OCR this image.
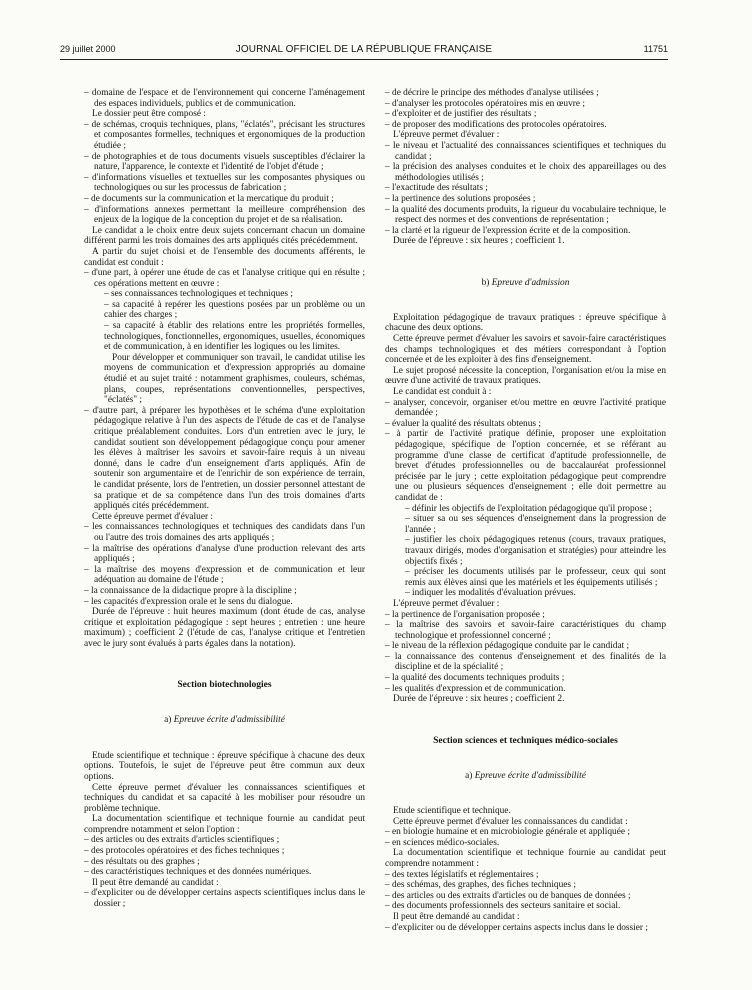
29 juillet 2000	JOURNAL OFFICIEL DE LA RÉPUBLIQUE FRANÇAISE	11751

– domaine de l'espace et de l'environnement qui concerne l'aménagement des espaces individuels, publics et de communication.

Le dossier peut être composé :

– de schémas, croquis techniques, plans, "éclatés", précisant les structures et composantes formelles, techniques et ergonomiques de la production étudiée ;

– de photographies et de tous documents visuels susceptibles d'éclairer la nature, l'apparence, le contexte et l'identité de l'objet d'étude ;

– d'informations visuelles et textuelles sur les composantes physiques ou technologiques ou sur les processus de fabrication ;

– de documents sur la communication et la mercatique du produit ;

– d'informations annexes permettant la meilleure compréhension des enjeux de la logique de la conception du projet et de sa réalisation.

Le candidat a le choix entre deux sujets concernant chacun un domaine différent parmi les trois domaines des arts appliqués cités précédemment.

A partir du sujet choisi et de l'ensemble des documents afférents, le candidat est conduit :

– d'une part, à opérer une étude de cas et l'analyse critique qui en résulte ; ces opérations mettent en œuvre :

– ses connaissances technologiques et techniques ;

– sa capacité à repérer les questions posées par un problème ou un cahier des charges ;

– sa capacité à établir des relations entre les propriétés formelles, technologiques, fonctionnelles, ergonomiques, usuelles, économiques et de communication, à en identifier les logiques ou les limites.

Pour développer et communiquer son travail, le candidat utilise les moyens de communication et d'expression appropriés au domaine étudié et au sujet traité : notamment graphismes, couleurs, schémas, plans, coupes, représentations conventionnelles, perspectives, "éclatés" ;

– d'autre part, à préparer les hypothèses et le schéma d'une exploitation pédagogique relative à l'un des aspects de l'étude de cas et de l'analyse critique préalablement conduites. Lors d'un entretien avec le jury, le candidat soutient son développement pédagogique conçu pour amener les élèves à maîtriser les savoirs et savoir-faire requis à un niveau donné, dans le cadre d'un enseignement d'arts appliqués. Afin de soutenir son argumentaire et de l'enrichir de son expérience de terrain, le candidat présente, lors de l'entretien, un dossier personnel attestant de sa pratique et de sa compétence dans l'un des trois domaines d'arts appliqués cités précédemment.

Cette épreuve permet d'évaluer :

– les connaissances technologiques et techniques des candidats dans l'un ou l'autre des trois domaines des arts appliqués ;

– la maîtrise des opérations d'analyse d'une production relevant des arts appliqués ;

– la maîtrise des moyens d'expression et de communication et leur adéquation au domaine de l'étude ;

– la connaissance de la didactique propre à la discipline ;

– les capacités d'expression orale et le sens du dialogue.

Durée de l'épreuve : huit heures maximum (dont étude de cas, analyse critique et exploitation pédagogique : sept heures ; entretien : une heure maximum) ; coefficient 2 (l'étude de cas, l'analyse critique et l'entretien avec le jury sont évalués à parts égales dans la notation).

Section biotechnologies

a) Epreuve écrite d'admissibilité

Etude scientifique et technique : épreuve spécifique à chacune des deux options. Toutefois, le sujet de l'épreuve peut être commun aux deux options.

Cette épreuve permet d'évaluer les connaissances scientifiques et techniques du candidat et sa capacité à les mobiliser pour résoudre un problème technique.

La documentation scientifique et technique fournie au candidat peut comprendre notamment et selon l'option :

– des articles ou des extraits d'articles scientifiques ;

– des protocoles opératoires et des fiches techniques ;

– des résultats ou des graphes ;

– des caractéristiques techniques et des données numériques.

Il peut être demandé au candidat :

– d'expliciter ou de développer certains aspects scientifiques inclus dans le dossier ;

– de décrire le principe des méthodes d'analyse utilisées ;

– d'analyser les protocoles opératoires mis en œuvre ;

– d'exploiter et de justifier des résultats ;

– de proposer des modifications des protocoles opératoires.

L'épreuve permet d'évaluer :

– le niveau et l'actualité des connaissances scientifiques et techniques du candidat ;

– la précision des analyses conduites et le choix des appareillages ou des méthodologies utilisés ;

– l'exactitude des résultats ;

– la pertinence des solutions proposées ;

– la qualité des documents produits, la rigueur du vocabulaire technique, le respect des normes et des conventions de représentation ;

– la clarté et la rigueur de l'expression écrite et de la composition.

Durée de l'épreuve : six heures ; coefficient 1.

b) Epreuve d'admission

Exploitation pédagogique de travaux pratiques : épreuve spécifique à chacune des deux options.

Cette épreuve permet d'évaluer les savoirs et savoir-faire caractéristiques des champs technologiques et des métiers correspondant à l'option concernée et de les exploiter à des fins d'enseignement.

Le sujet proposé nécessite la conception, l'organisation et/ou la mise en œuvre d'une activité de travaux pratiques.

Le candidat est conduit à :

– analyser, concevoir, organiser et/ou mettre en œuvre l'activité pratique demandée ;

– évaluer la qualité des résultats obtenus ;

– à partir de l'activité pratique définie, proposer une exploitation pédagogique, spécifique de l'option concernée, et se référant au programme d'une classe de certificat d'aptitude professionnelle, de brevet d'études professionnelles ou de baccalauréat professionnel précisée par le jury ; cette exploitation pédagogique peut comprendre une ou plusieurs séquences d'enseignement ; elle doit permettre au candidat de :

– définir les objectifs de l'exploitation pédagogique qu'il propose ;

– situer sa ou ses séquences d'enseignement dans la progression de l'année ;

– justifier les choix pédagogiques retenus (cours, travaux pratiques, travaux dirigés, modes d'organisation et stratégies) pour atteindre les objectifs fixés ;

– préciser les documents utilisés par le professeur, ceux qui sont remis aux élèves ainsi que les matériels et les équipements utilisés ;

– indiquer les modalités d'évaluation prévues.

L'épreuve permet d'évaluer :

– la pertinence de l'organisation proposée ;

– la maîtrise des savoirs et savoir-faire caractéristiques du champ technologique et professionnel concerné ;

– le niveau de la réflexion pédagogique conduite par le candidat ;

– la connaissance des contenus d'enseignement et des finalités de la discipline et de la spécialité ;

– la qualité des documents techniques produits ;

– les qualités d'expression et de communication.

Durée de l'épreuve : six heures ; coefficient 2.

Section sciences et techniques médico-sociales

a) Epreuve écrite d'admissibilité

Etude scientifique et technique.

Cette épreuve permet d'évaluer les connaissances du candidat :

– en biologie humaine et en microbiologie générale et appliquée ;

– en sciences médico-sociales.

La documentation scientifique et technique fournie au candidat peut comprendre notamment :

– des textes législatifs et réglementaires ;

– des schémas, des graphes, des fiches techniques ;

– des articles ou des extraits d'articles ou de banques de données ;

– des documents professionnels des secteurs sanitaire et social.

Il peut être demandé au candidat :

– d'expliciter ou de développer certains aspects inclus dans le dossier ;
